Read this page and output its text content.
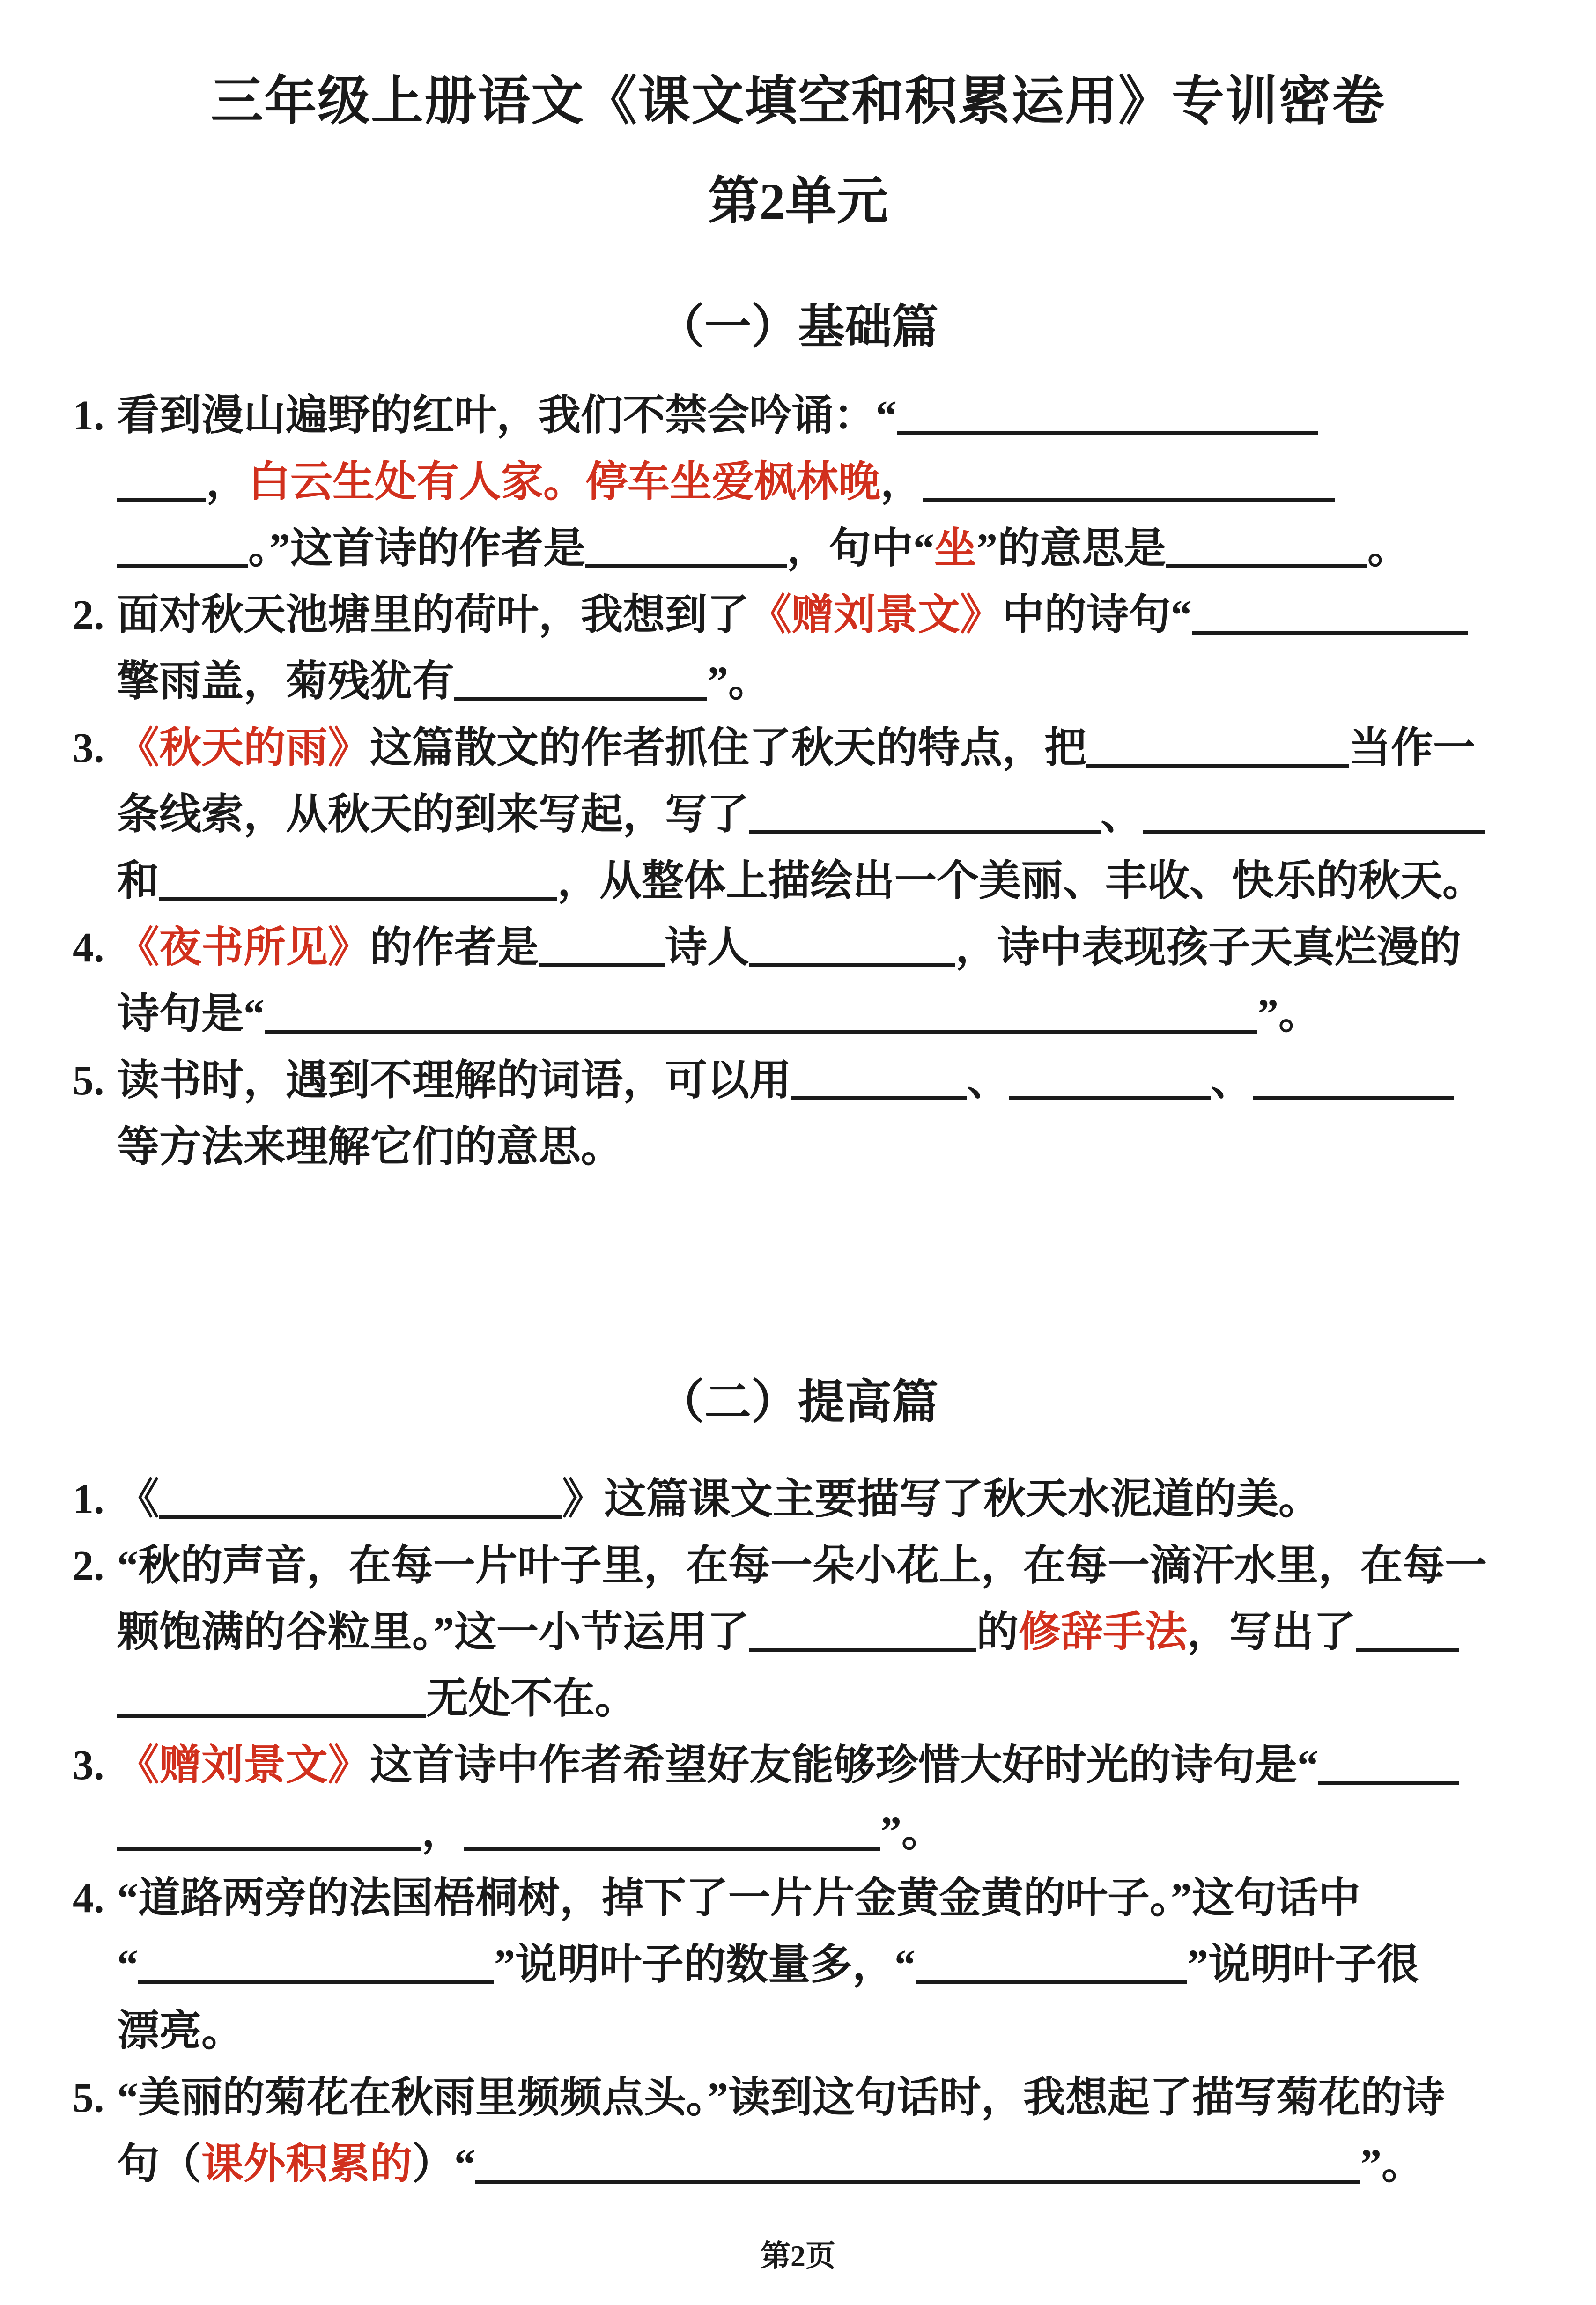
三年级上册语文《课文填空和积累运用》专训密卷
第2单元
（一）基础篇
1. 看到漫山遍野的红叶，我们不禁会吟诵：“
，白云生处有人家。停车坐爱枫林晚，
。”这首诗的作者是	，句中“坐”的意思是	。
2. 面对秋天池塘里的荷叶，我想到了《赠刘景文》中的诗句“
擎雨盖，菊残犹有	”。
3. 《秋天的雨》这篇散文的作者抓住了秋天的特点，把	当作一
条线索，从秋天的到来写起，写了	、
和	，从整体上描绘出一个美丽、丰收、快乐的秋天。
4. 《夜书所见》的作者是	诗人	，诗中表现孩子天真烂漫的
诗句是“	”。
5. 读书时，遇到不理解的词语，可以用	、	、
等方法来理解它们的意思。
（二）提高篇
1. 《	》这篇课文主要描写了秋天水泥道的美。
2. “秋的声音，在每一片叶子里，在每一朵小花上，在每一滴汗水里，在每一
颗饱满的谷粒里。”这一小节运用了	的修辞手法，写出了
无处不在。
3. 《赠刘景文》这首诗中作者希望好友能够珍惜大好时光的诗句是“
，	”。
4. “道路两旁的法国梧桐树，掉下了一片片金黄金黄的叶子。”这句话中
“	”说明叶子的数量多，“	”说明叶子很
漂亮。
5. “美丽的菊花在秋雨里频频点头。”读到这句话时，我想起了描写菊花的诗
句（课外积累的）“	”。
第2页
